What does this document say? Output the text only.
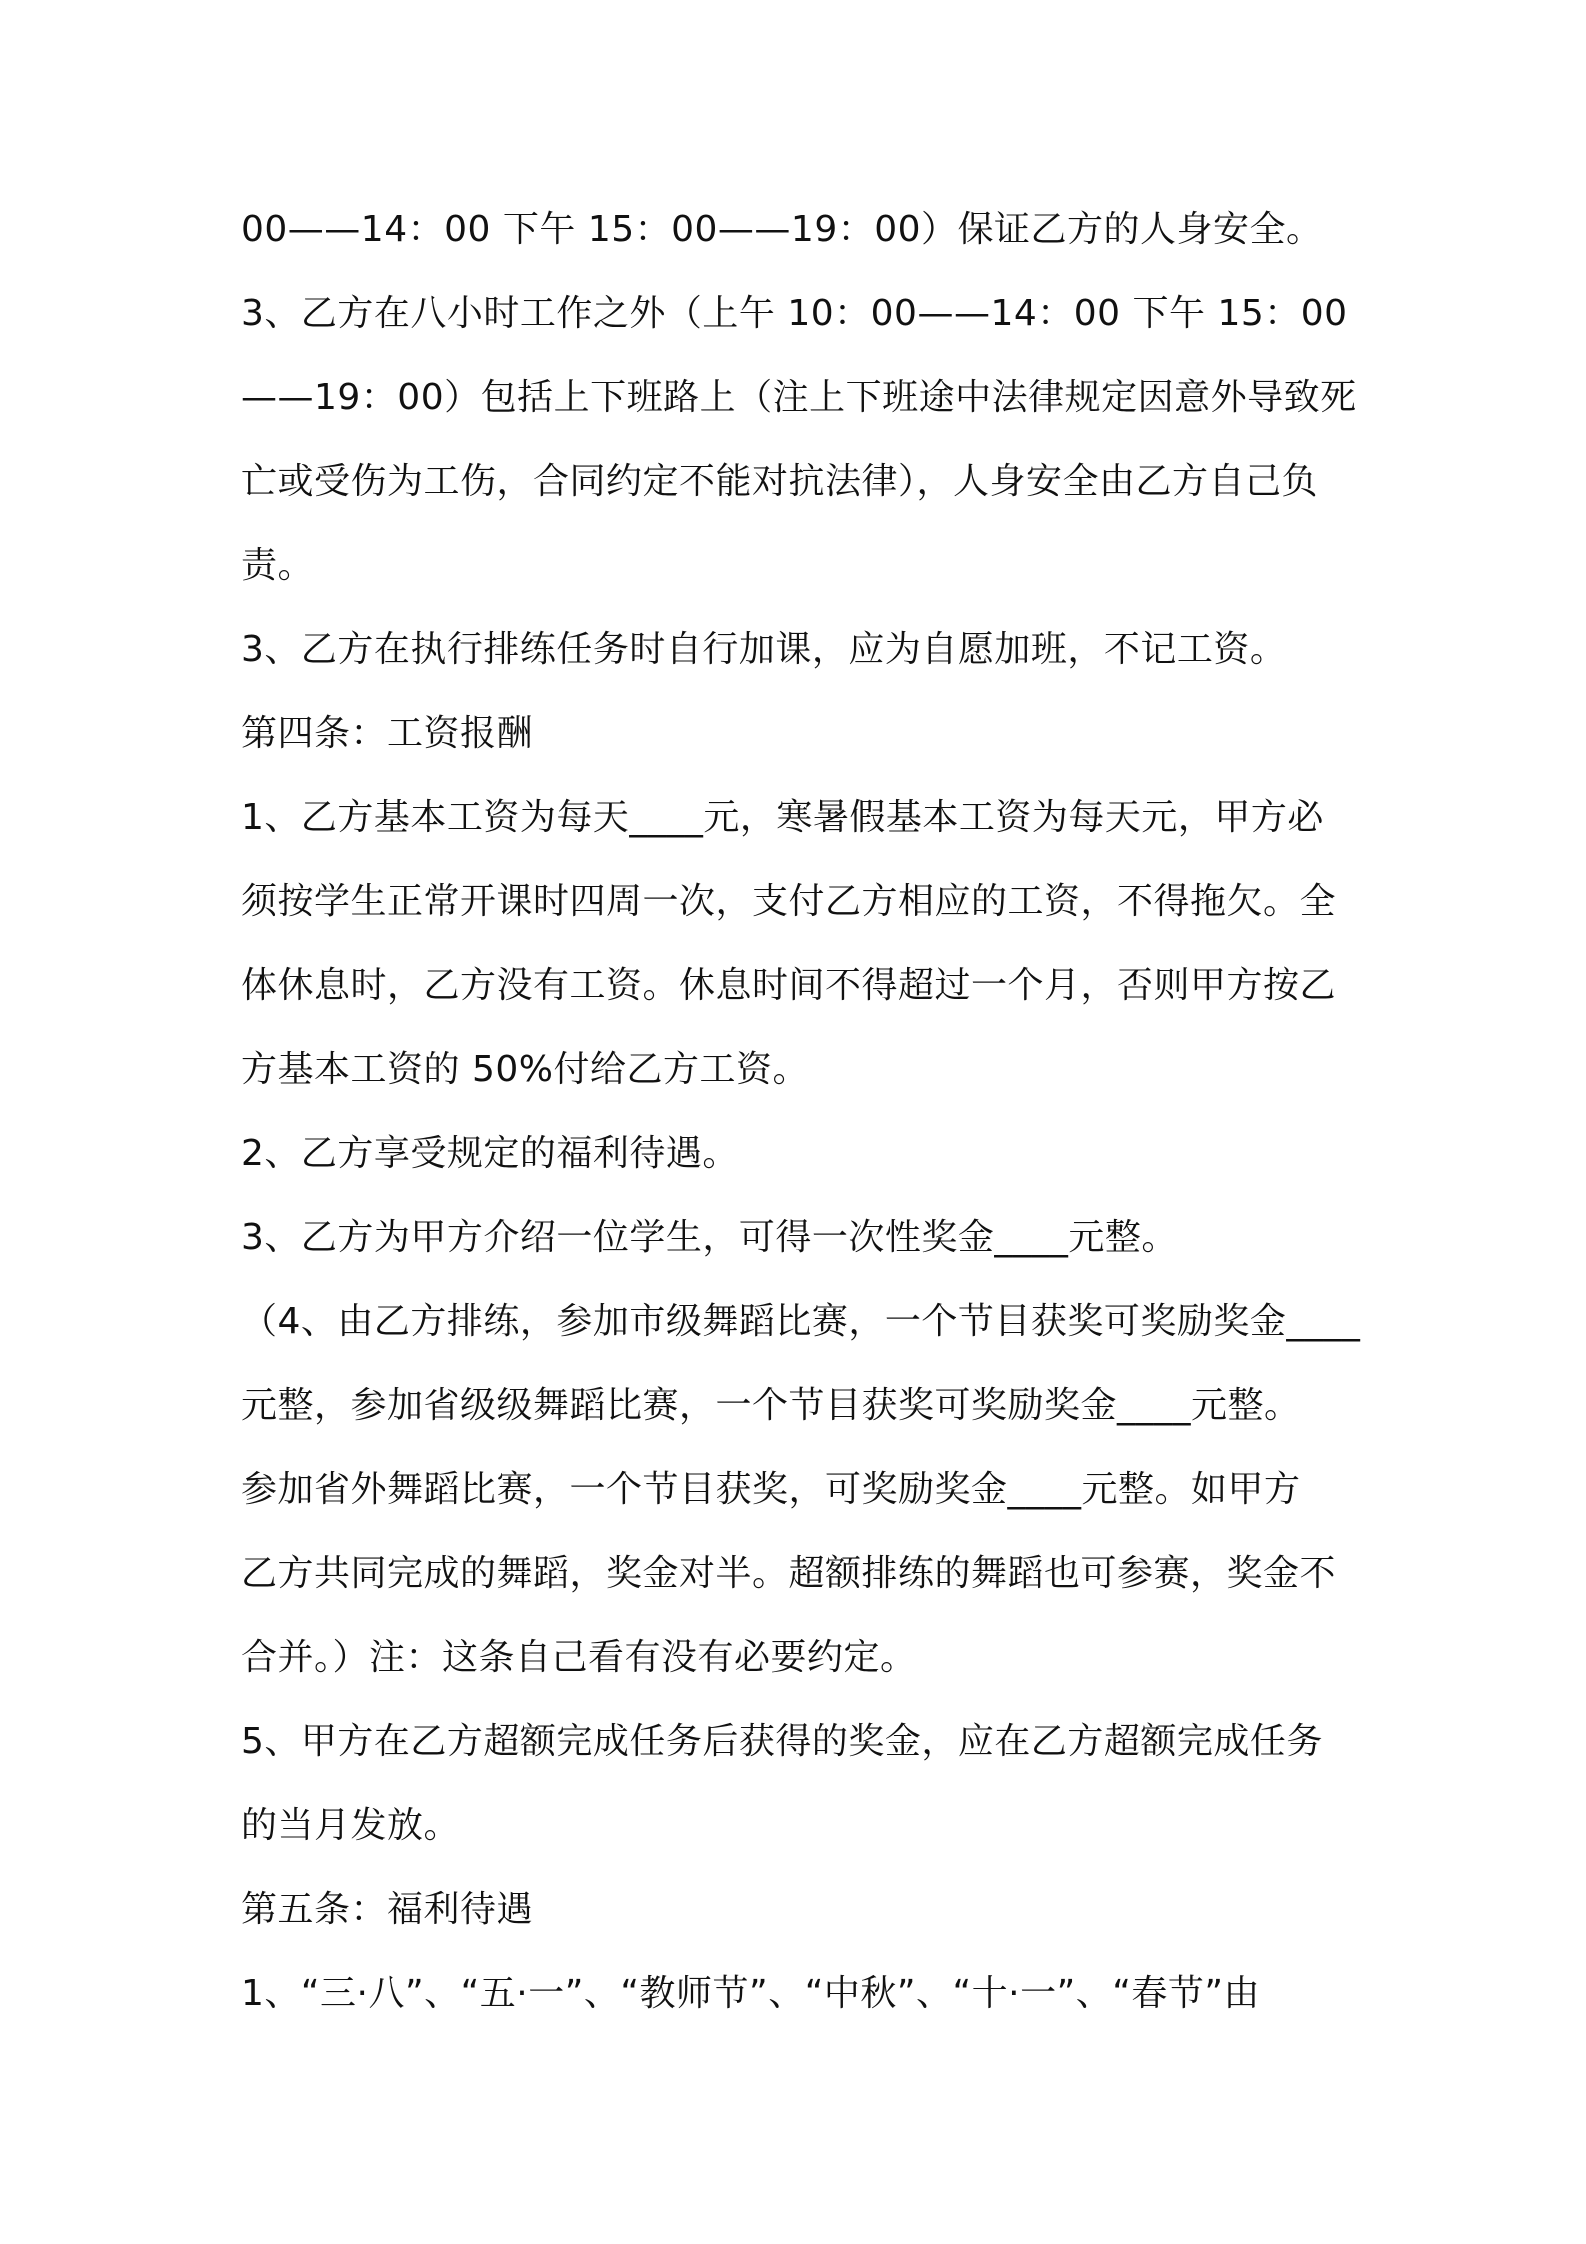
00——14：00 下午 15：00——19：00）保证乙方的人身安全。
3、乙方在八小时工作之外（上午 10：00——14：00 下午 15：00
——19：00）包括上下班路上（注上下班途中法律规定因意外导致死
亡或受伤为工伤，合同约定不能对抗法律），人身安全由乙方自己负
责。
3、乙方在执行排练任务时自行加课，应为自愿加班，不记工资。
第四条：工资报酬
1、乙方基本工资为每天____元，寒暑假基本工资为每天元，甲方必
须按学生正常开课时四周一次，支付乙方相应的工资，不得拖欠。全
体休息时，乙方没有工资。休息时间不得超过一个月，否则甲方按乙
方基本工资的 50%付给乙方工资。
2、乙方享受规定的福利待遇。
3、乙方为甲方介绍一位学生，可得一次性奖金____元整。
（4、由乙方排练，参加市级舞蹈比赛，一个节目获奖可奖励奖金____
元整，参加省级级舞蹈比赛，一个节目获奖可奖励奖金____元整。
参加省外舞蹈比赛，一个节目获奖，可奖励奖金____元整。如甲方
乙方共同完成的舞蹈，奖金对半。超额排练的舞蹈也可参赛，奖金不
合并。）注：这条自己看有没有必要约定。
5、甲方在乙方超额完成任务后获得的奖金，应在乙方超额完成任务
的当月发放。
第五条：福利待遇
1、“三·八”、“五·一”、“教师节”、“中秋”、“十·一”、“春节”由
